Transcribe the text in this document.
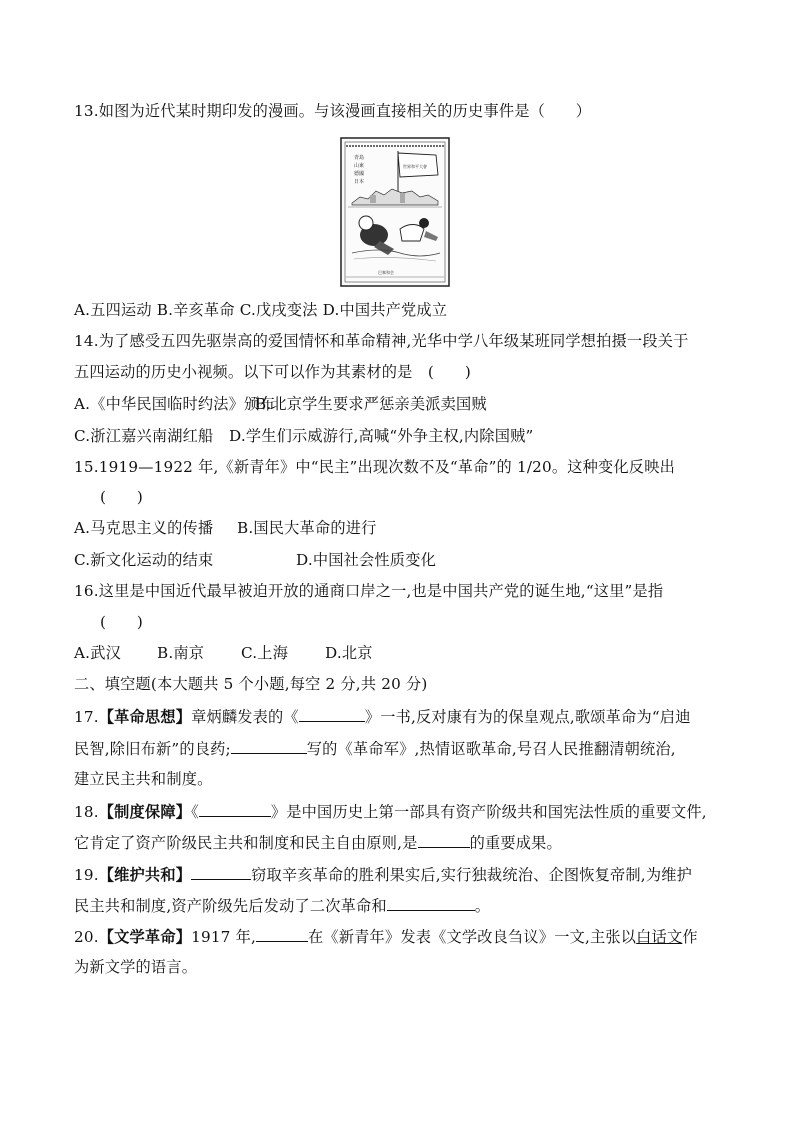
13.如图为近代某时期印发的漫画。与该漫画直接相关的历史事件是（　　）
青島
山東
德國
日本
世界和平大會
巴黎和会
A.五四运动 B.辛亥革命 C.戊戌变法 D.中国共产党成立
14.为了感受五四先驱崇高的爱国情怀和革命精神,光华中学八年级某班同学想拍摄一段关于
五四运动的历史小视频。以下可以作为其素材的是　(　　)
A.《中华民国临时约法》颁布B.北京学生要求严惩亲美派卖国贼
C.浙江嘉兴南湖红船 D.学生们示威游行,高喊“外争主权,内除国贼”
15.1919—1922 年,《新青年》中“民主”出现次数不及“革命”的 1/20。这种变化反映出
(　　)
A.马克思主义的传播 B.国民大革命的进行
C.新文化运动的结束	D.中国社会性质变化
16.这里是中国近代最早被迫开放的通商口岸之一,也是中国共产党的诞生地,“这里”是指
(　　)
A.武汉 B.南京 C.上海 D.北京
二、填空题(本大题共 5 个小题,每空 2 分,共 20 分)
17.【革命思想】章炳麟发表的《	》一书,反对康有为的保皇观点,歌颂革命为“启迪
民智,除旧布新”的良药;	写的《革命军》,热情讴歌革命,号召人民推翻清朝统治,
建立民主共和制度。
18.【制度保障】《	》是中国历史上第一部具有资产阶级共和国宪法性质的重要文件,
它肯定了资产阶级民主共和制度和民主自由原则,是	的重要成果。
19.【维护共和】	窃取辛亥革命的胜利果实后,实行独裁统治、企图恢复帝制,为维护
民主共和制度,资产阶级先后发动了二次革命和	。
20.【文学革命】1917 年,	在《新青年》发表《文学改良刍议》一文,主张以白话文作
为新文学的语言。
